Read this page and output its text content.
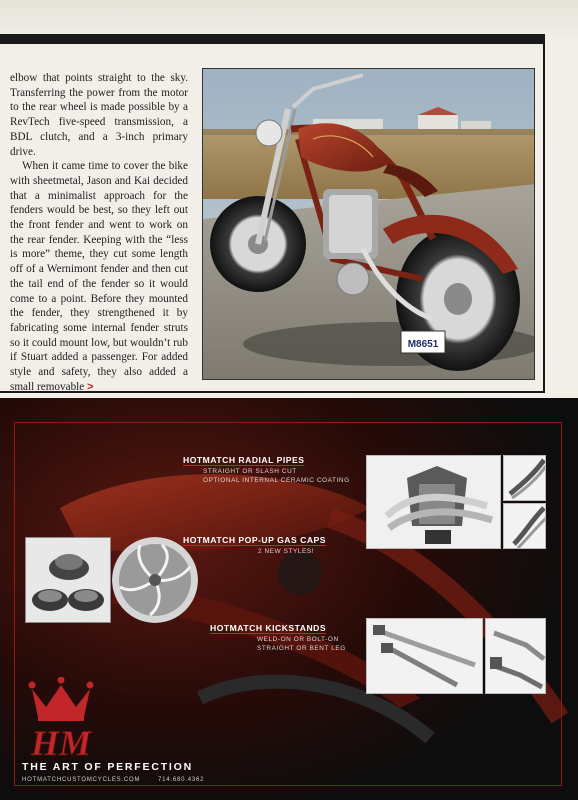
elbow that points straight to the sky. Transferring the power from the motor to the rear wheel is made possible by a RevTech five-speed transmission, a BDL clutch, and a 3-inch primary drive.

When it came time to cover the bike with sheetmetal, Jason and Kai decided that a minimalist approach for the fenders would be best, so they left out the front fender and went to work on the rear fender. Keeping with the “less is more” theme, they cut some length off of a Wernimont fender and then cut the tail end of the fender so it would come to a point. Before they mounted the fender, they strengthened it by fabricating some internal fender struts so it could mount low, but wouldn’t rub if Stuart added a passenger. For added style and safety, they also added a small removable >

M8651
HOTMATCH RADIAL PIPES
STRAIGHT OR SLASH CUT
OPTIONAL INTERNAL CERAMIC COATING
HOTMATCH POP-UP GAS CAPS
2 NEW STYLES!
HOTMATCH KICKSTANDS
WELD-ON OR BOLT-ON
STRAIGHT OR BENT LEG
HM
THE ART OF PERFECTION
HOTMATCHCUSTOMCYCLES.COM	714.680.4362
